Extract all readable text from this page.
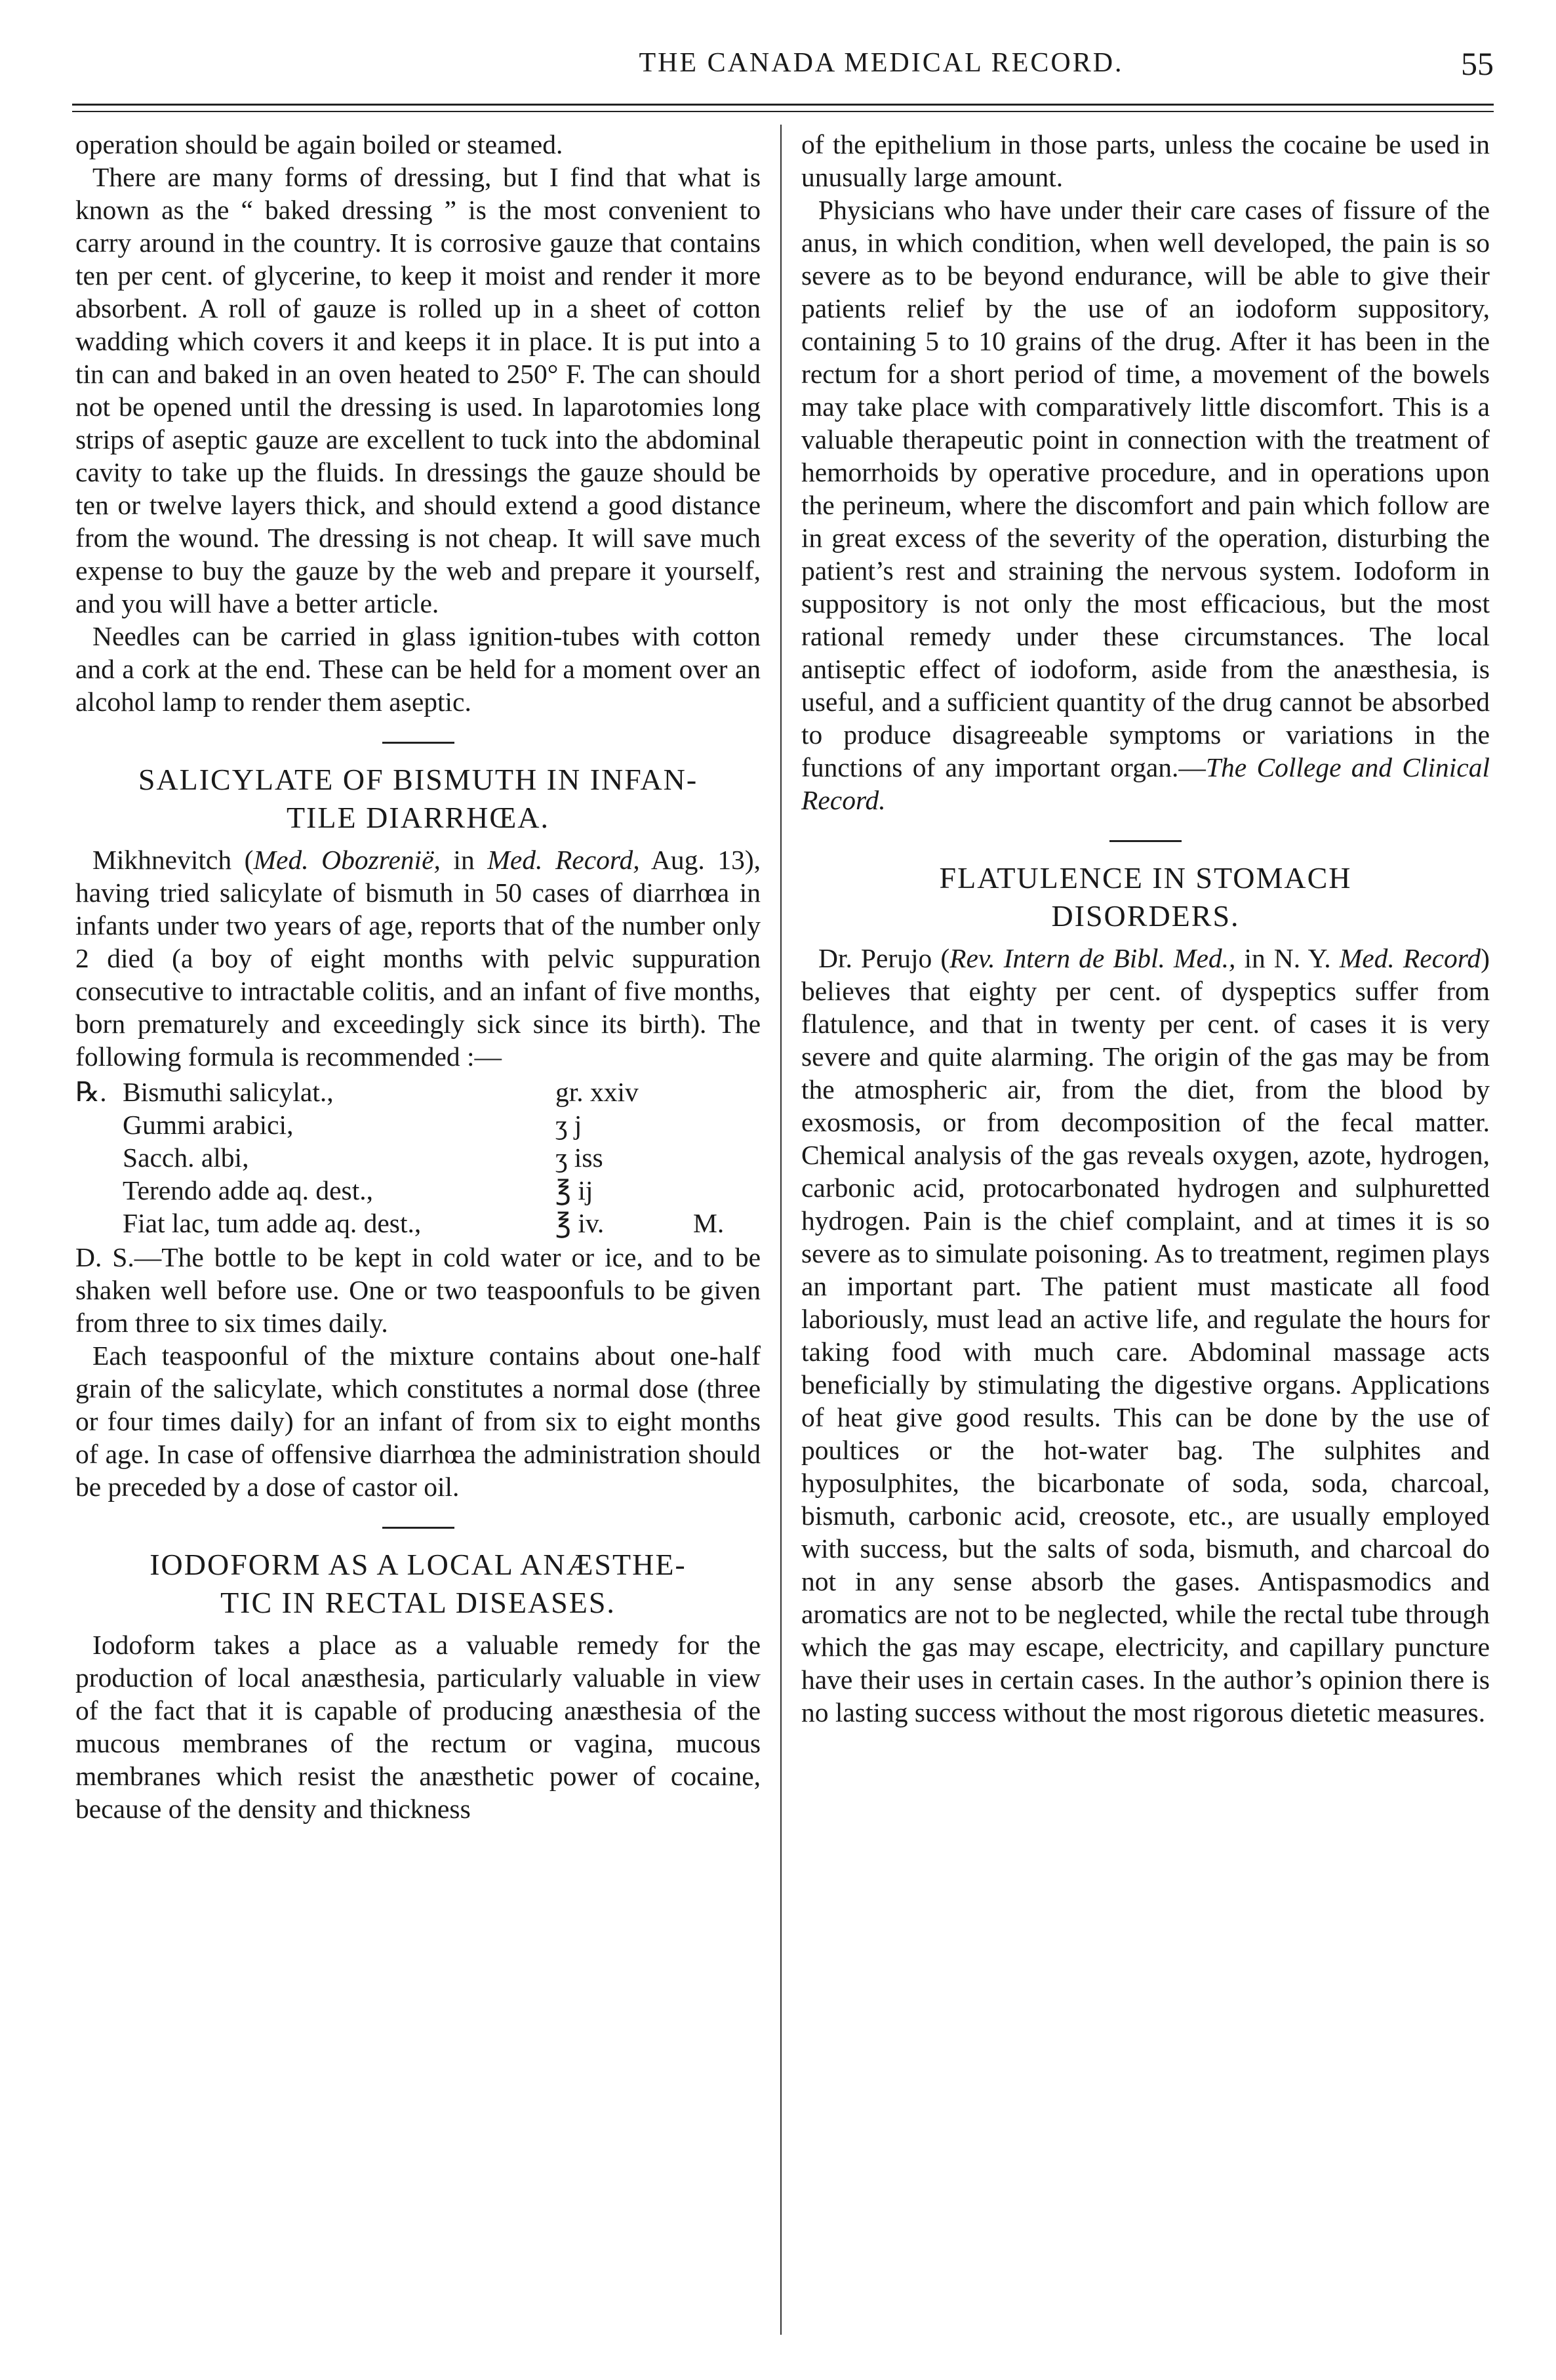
THE CANADA MEDICAL RECORD.	55

operation should be again boiled or steamed.

There are many forms of dressing, but I find that what is known as the “ baked dressing ” is the most convenient to carry around in the country. It is corrosive gauze that contains ten per cent. of glycerine, to keep it moist and render it more absorbent. A roll of gauze is rolled up in a sheet of cotton wadding which covers it and keeps it in place. It is put into a tin can and baked in an oven heated to 250° F. The can should not be opened until the dressing is used. In laparotomies long strips of aseptic gauze are excellent to tuck into the abdominal cavity to take up the fluids. In dressings the gauze should be ten or twelve layers thick, and should extend a good distance from the wound. The dressing is not cheap. It will save much expense to buy the gauze by the web and prepare it yourself, and you will have a better article.

Needles can be carried in glass ignition-tubes with cotton and a cork at the end. These can be held for a moment over an alcohol lamp to render them aseptic.

SALICYLATE OF BISMUTH IN INFAN-
TILE DIARRHŒA.

Mikhnevitch (Med. Obozrenië, in Med. Record, Aug. 13), having tried salicylate of bismuth in 50 cases of diarrhœa in infants under two years of age, reports that of the number only 2 died (a boy of eight months with pelvic suppuration consecutive to intractable colitis, and an infant of five months, born prematurely and exceedingly sick since its birth). The following formula is recommended :—

℞. Bismuthi salicylat.,	gr. xxiv
Gummi arabici,	ʒ j
Sacch. albi,	ʒ iss
Terendo adde aq. dest.,	℥ ij
Fiat lac, tum adde aq. dest.,	℥ iv.	M.

D. S.—The bottle to be kept in cold water or ice, and to be shaken well before use. One or two teaspoonfuls to be given from three to six times daily.

Each teaspoonful of the mixture contains about one-half grain of the salicylate, which constitutes a normal dose (three or four times daily) for an infant of from six to eight months of age. In case of offensive diarrhœa the administration should be preceded by a dose of castor oil.

IODOFORM AS A LOCAL ANÆSTHE-
TIC IN RECTAL DISEASES.

Iodoform takes a place as a valuable remedy for the production of local anæsthesia, particularly valuable in view of the fact that it is capable of producing anæsthesia of the mucous membranes of the rectum or vagina, mucous membranes which resist the anæsthetic power of cocaine, because of the density and thickness

of the epithelium in those parts, unless the cocaine be used in unusually large amount.

Physicians who have under their care cases of fissure of the anus, in which condition, when well developed, the pain is so severe as to be beyond endurance, will be able to give their patients relief by the use of an iodoform suppository, containing 5 to 10 grains of the drug. After it has been in the rectum for a short period of time, a movement of the bowels may take place with comparatively little discomfort. This is a valuable therapeutic point in connection with the treatment of hemorrhoids by operative procedure, and in operations upon the perineum, where the discomfort and pain which follow are in great excess of the severity of the operation, disturbing the patient’s rest and straining the nervous system. Iodoform in suppository is not only the most efficacious, but the most rational remedy under these circumstances. The local antiseptic effect of iodoform, aside from the anæsthesia, is useful, and a sufficient quantity of the drug cannot be absorbed to produce disagreeable symptoms or variations in the functions of any important organ.—The College and Clinical Record.

FLATULENCE IN STOMACH
DISORDERS.

Dr. Perujo (Rev. Intern de Bibl. Med., in N. Y. Med. Record) believes that eighty per cent. of dyspeptics suffer from flatulence, and that in twenty per cent. of cases it is very severe and quite alarming. The origin of the gas may be from the atmospheric air, from the diet, from the blood by exosmosis, or from decomposition of the fecal matter. Chemical analysis of the gas reveals oxygen, azote, hydrogen, carbonic acid, protocarbonated hydrogen and sulphuretted hydrogen. Pain is the chief complaint, and at times it is so severe as to simulate poisoning. As to treatment, regimen plays an important part. The patient must masticate all food laboriously, must lead an active life, and regulate the hours for taking food with much care. Abdominal massage acts beneficially by stimulating the digestive organs. Applications of heat give good results. This can be done by the use of poultices or the hot-water bag. The sulphites and hyposulphites, the bicarbonate of soda, soda, charcoal, bismuth, carbonic acid, creosote, etc., are usually employed with success, but the salts of soda, bismuth, and charcoal do not in any sense absorb the gases. Antispasmodics and aromatics are not to be neglected, while the rectal tube through which the gas may escape, electricity, and capillary puncture have their uses in certain cases. In the author’s opinion there is no lasting success without the most rigorous dietetic measures.
